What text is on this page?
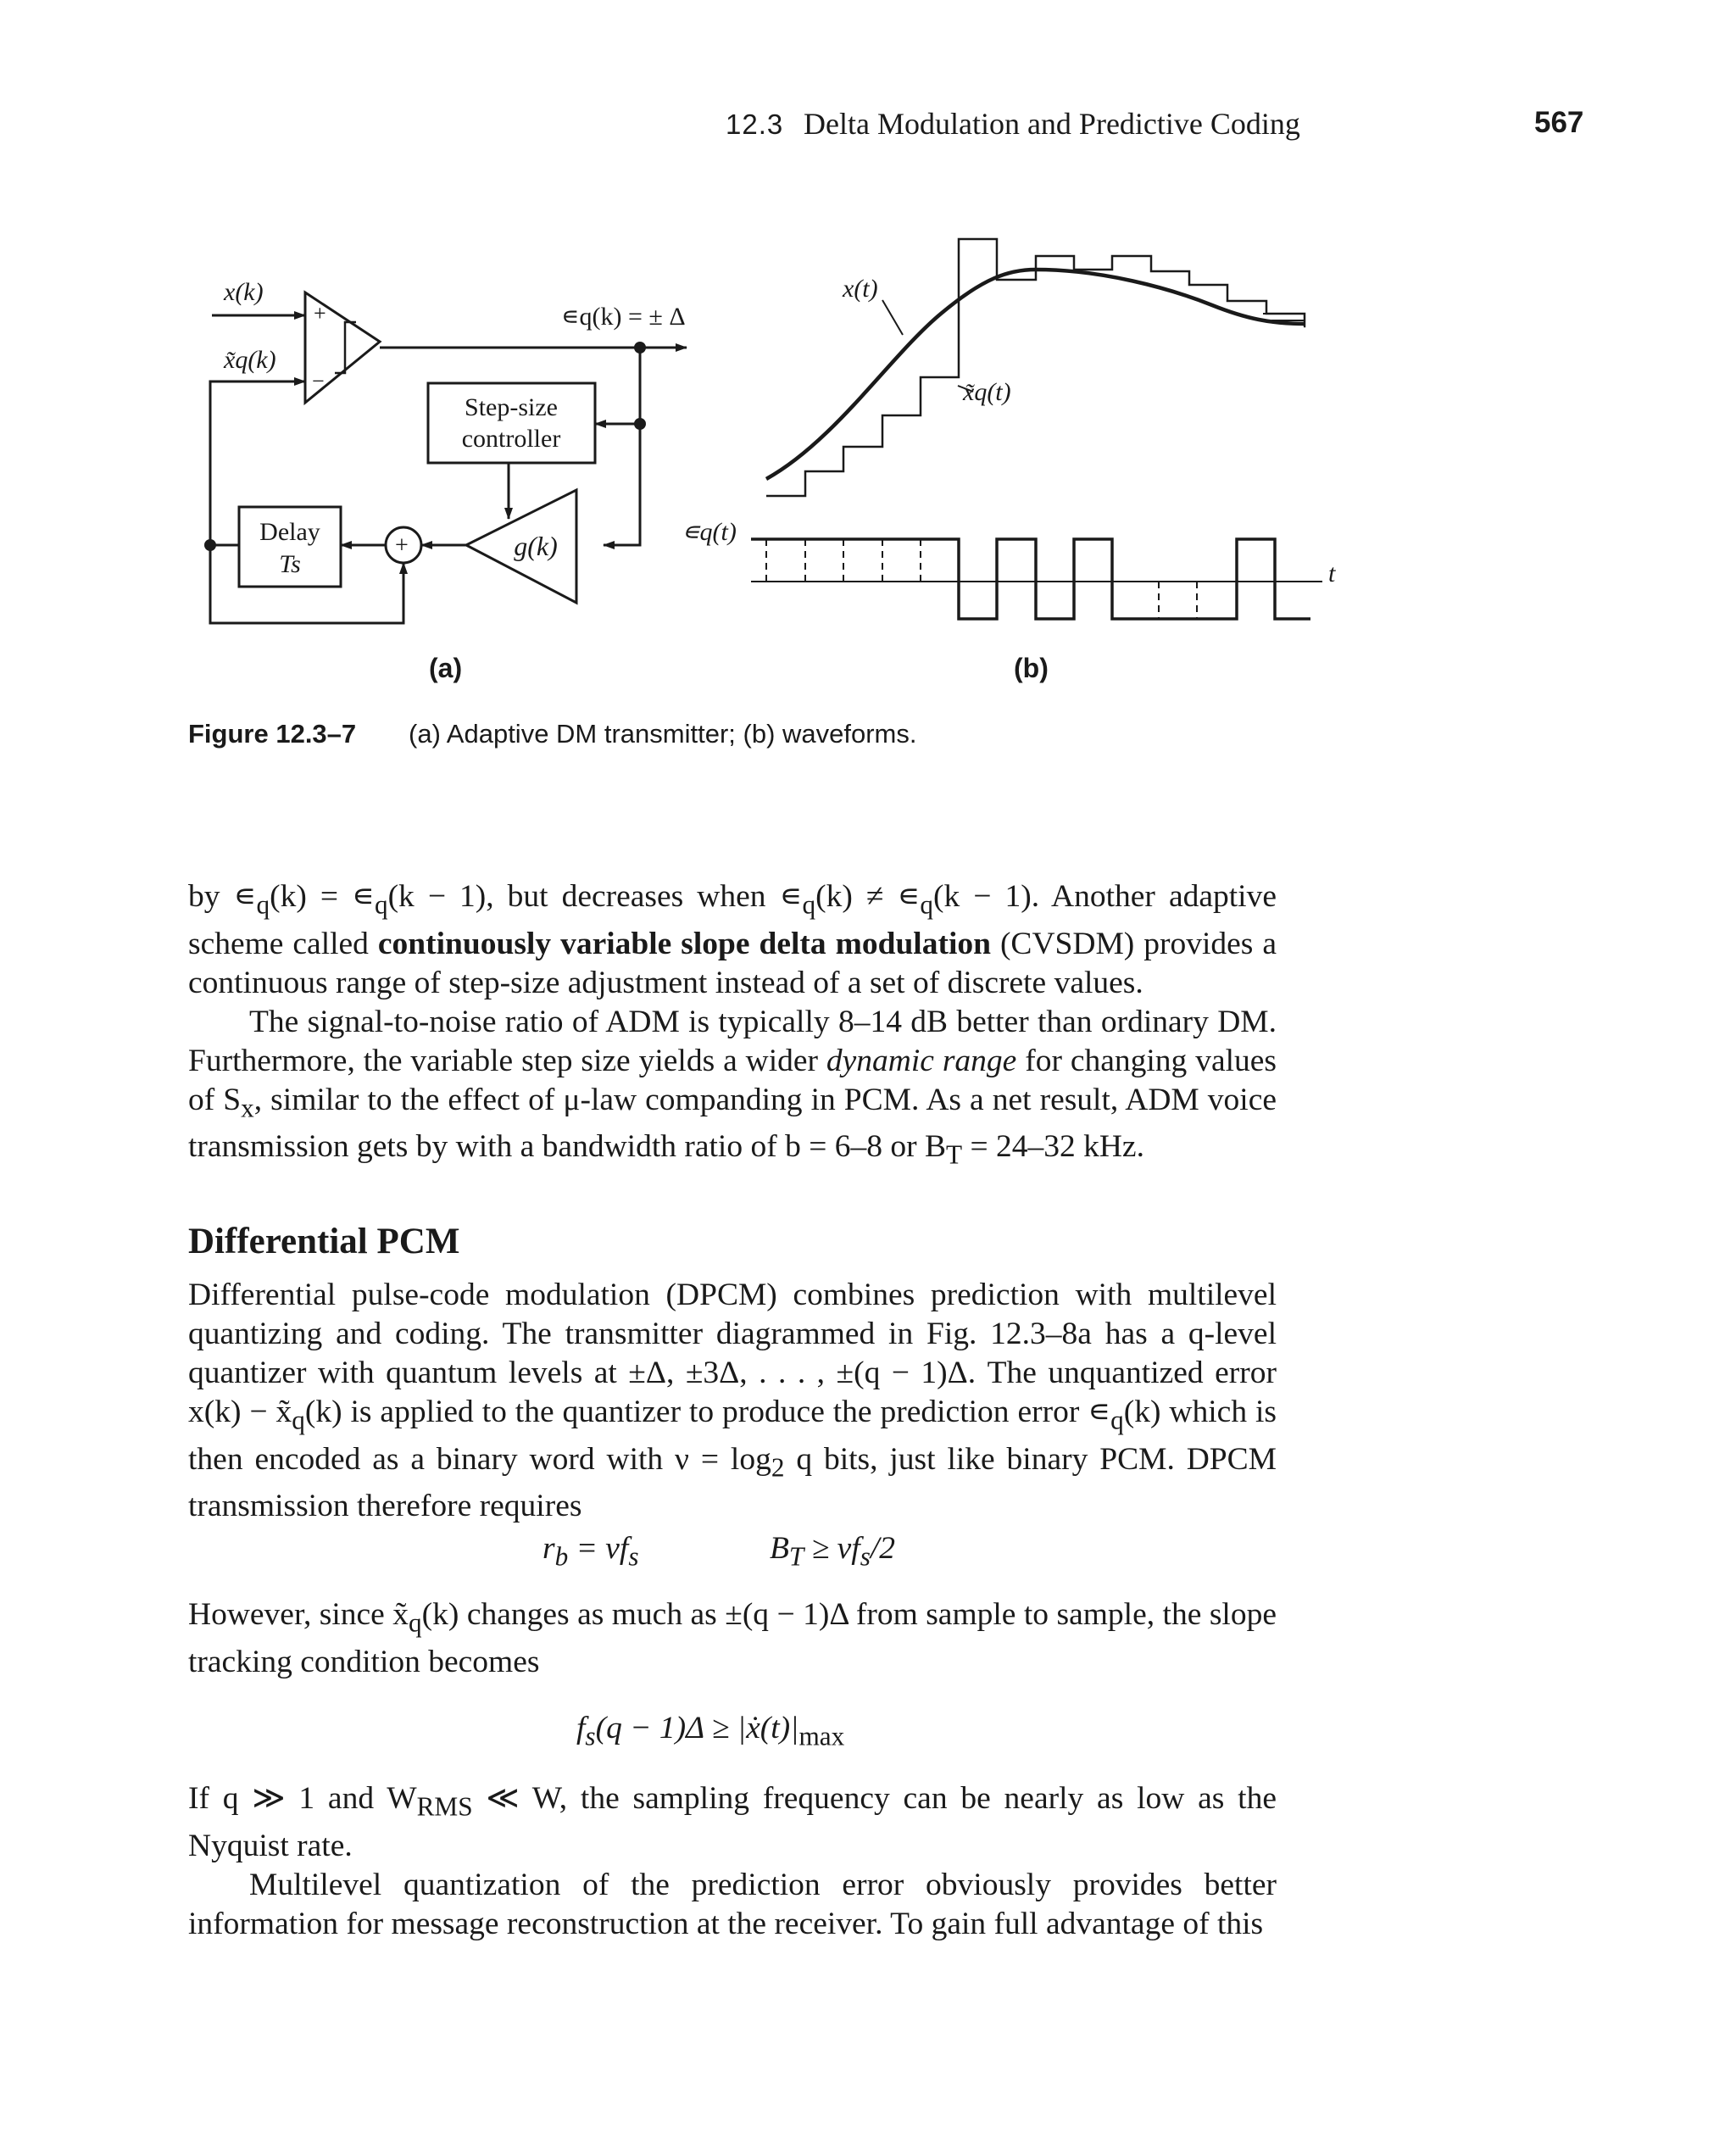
12.3 Delta Modulation and Predictive Coding	567
x(k)
x̃q(k)
+
−
∊q(k) = ± Δ
Step-size
controller
g(k)
+
Delay
Ts
x(t)
x̃q(t)
∊q(t)
t
(a)	(b)
Figure 12.3–7 (a) Adaptive DM transmitter; (b) waveforms.

by $∊_q(k)$ = $∊_q(k - 1)$, but decreases when $∊_q(k)$ ≠ $∊_q(k - 1)$. Another adaptive scheme called continuously variable slope delta modulation (CVSDM) provides a continuous range of step-size adjustment instead of a set of discrete values.

The signal-to-noise ratio of ADM is typically 8–14 dB better than ordinary DM. Furthermore, the variable step size yields a wider dynamic range for changing values of $S_x$, similar to the effect of μ-law companding in PCM. As a net result, ADM voice transmission gets by with a bandwidth ratio of b = 6–8 or $B_T = 24-32$ kHz.

Differential PCM

Differential pulse-code modulation (DPCM) combines prediction with multilevel quantizing and coding. The transmitter diagrammed in Fig. 12.3–8a has a q-level quantizer with quantum levels at ±Δ, ±3Δ, . . . , ±(q − 1)Δ. The unquantized error $x(k) - x̃_q(k)$ is applied to the quantizer to produce the prediction error $∊_q(k)$ which is then encoded as a binary word with $\nu = \log_2 q$ bits, just like binary PCM. DPCM transmission therefore requires

$r_b = \nu f_s$	$B_T \ge \nu f_s/2$

However, since $x̃_q(k)$ changes as much as ±(q − 1)Δ from sample to sample, the slope tracking condition becomes

$f_s(q - 1)\Delta$ ≥ $|ẋ(t)|_{max}$

If q ≫ 1 and $W_{RMS}$ ≪ W, the sampling frequency can be nearly as low as the Nyquist rate.

Multilevel quantization of the prediction error obviously provides better information for message reconstruction at the receiver. To gain full advantage of this
